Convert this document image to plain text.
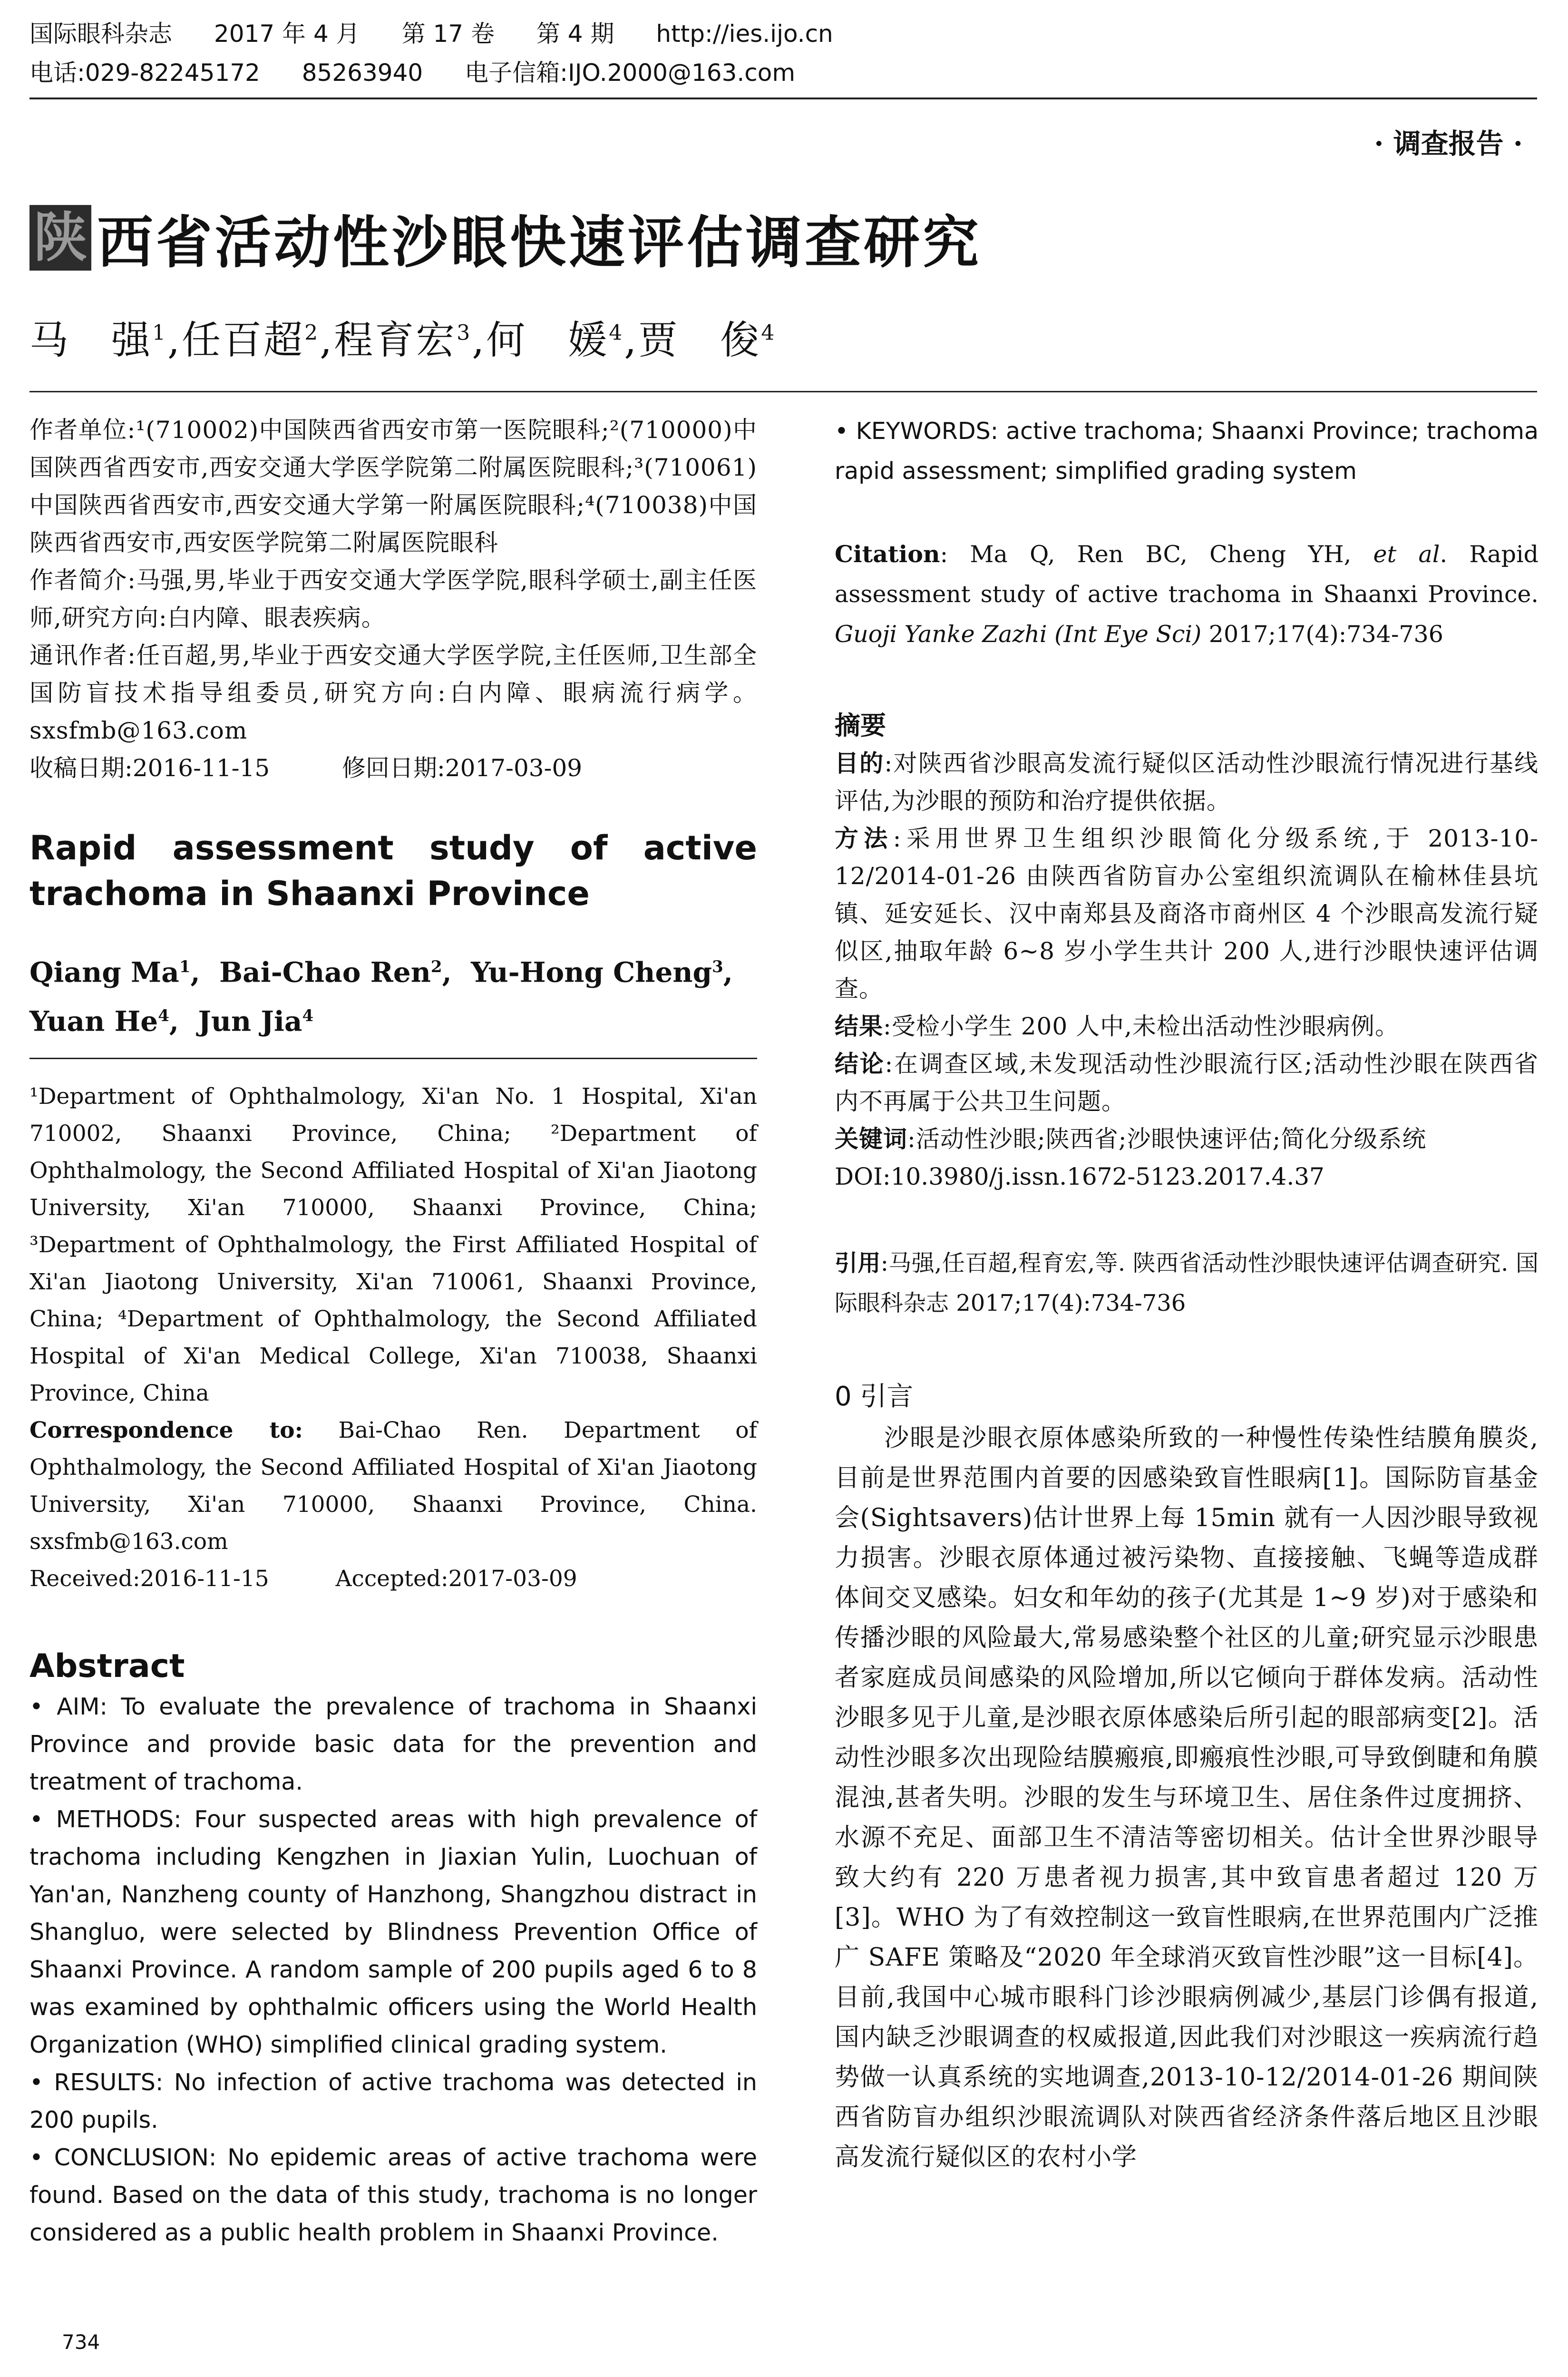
国际眼科杂志 2017 年 4 月 第 17 卷 第 4 期 http://ies.ijo.cn
电话:029-82245172 85263940 电子信箱:IJO.2000@163.com
· 调查报告 ·
陕 西省活动性沙眼快速评估调查研究
马　强$^1$,任百超$^2$,程育宏$^3$,何　媛$^4$,贾　俊$^4$

作者单位:¹(710002)中国陕西省西安市第一医院眼科;²(710000)中国陕西省西安市,西安交通大学医学院第二附属医院眼科;³(710061)中国陕西省西安市,西安交通大学第一附属医院眼科;⁴(710038)中国陕西省西安市,西安医学院第二附属医院眼科

作者简介:马强,男,毕业于西安交通大学医学院,眼科学硕士,副主任医师,研究方向:白内障、眼表疾病。

通讯作者:任百超,男,毕业于西安交通大学医学院,主任医师,卫生部全国防盲技术指导组委员,研究方向:白内障、眼病流行病学。sxsfmb@163.com

收稿日期:2016-11-15	修回日期:2017-03-09

Rapid assessment study of active
trachoma in Shaanxi Province
Qiang Ma$^1$,  Bai-Chao Ren$^2$,  Yu-Hong Cheng$^3$,
Yuan He$^4$,  Jun Jia$^4$

¹Department of Ophthalmology, Xi'an No. 1 Hospital, Xi'an 710002, Shaanxi Province, China; ²Department of Ophthalmology, the Second Affiliated Hospital of Xi'an Jiaotong University, Xi'an 710000, Shaanxi Province, China; ³Department of Ophthalmology, the First Affiliated Hospital of Xi'an Jiaotong University, Xi'an 710061, Shaanxi Province, China; ⁴Department of Ophthalmology, the Second Affiliated Hospital of Xi'an Medical College, Xi'an 710038, Shaanxi Province, China

Correspondence to: Bai-Chao Ren. Department of Ophthalmology, the Second Affiliated Hospital of Xi'an Jiaotong University, Xi'an 710000, Shaanxi Province, China. sxsfmb@163.com

Received:2016-11-15	Accepted:2017-03-09

Abstract

• AIM: To evaluate the prevalence of trachoma in Shaanxi Province and provide basic data for the prevention and treatment of trachoma.

• METHODS: Four suspected areas with high prevalence of trachoma including Kengzhen in Jiaxian Yulin, Luochuan of Yan'an, Nanzheng county of Hanzhong, Shangzhou distract in Shangluo, were selected by Blindness Prevention Office of Shaanxi Province. A random sample of 200 pupils aged 6 to 8 was examined by ophthalmic officers using the World Health Organization (WHO) simplified clinical grading system.

• RESULTS: No infection of active trachoma was detected in 200 pupils.

• CONCLUSION: No epidemic areas of active trachoma were found. Based on the data of this study, trachoma is no longer considered as a public health problem in Shaanxi Province.

• KEYWORDS: active trachoma; Shaanxi Province; trachoma rapid assessment; simplified grading system

Citation: Ma Q, Ren BC, Cheng YH, et al. Rapid assessment study of active trachoma in Shaanxi Province. Guoji Yanke Zazhi (Int Eye Sci) 2017;17(4):734-736

摘要

目的:对陕西省沙眼高发流行疑似区活动性沙眼流行情况进行基线评估,为沙眼的预防和治疗提供依据。

方法:采用世界卫生组织沙眼简化分级系统,于 2013-10-12/2014-01-26 由陕西省防盲办公室组织流调队在榆林佳县坑镇、延安延长、汉中南郑县及商洛市商州区 4 个沙眼高发流行疑似区,抽取年龄 6~8 岁小学生共计 200 人,进行沙眼快速评估调查。

结果:受检小学生 200 人中,未检出活动性沙眼病例。

结论:在调查区域,未发现活动性沙眼流行区;活动性沙眼在陕西省内不再属于公共卫生问题。

关键词:活动性沙眼;陕西省;沙眼快速评估;简化分级系统

DOI:10.3980/j.issn.1672-5123.2017.4.37

引用:马强,任百超,程育宏,等. 陕西省活动性沙眼快速评估调查研究. 国际眼科杂志 2017;17(4):734-736

0 引言

沙眼是沙眼衣原体感染所致的一种慢性传染性结膜角膜炎,目前是世界范围内首要的因感染致盲性眼病[1]。国际防盲基金会(Sightsavers)估计世界上每 15min 就有一人因沙眼导致视力损害。沙眼衣原体通过被污染物、直接接触、飞蝇等造成群体间交叉感染。妇女和年幼的孩子(尤其是 1~9 岁)对于感染和传播沙眼的风险最大,常易感染整个社区的儿童;研究显示沙眼患者家庭成员间感染的风险增加,所以它倾向于群体发病。活动性沙眼多见于儿童,是沙眼衣原体感染后所引起的眼部病变[2]。活动性沙眼多次出现险结膜瘢痕,即瘢痕性沙眼,可导致倒睫和角膜混浊,甚者失明。沙眼的发生与环境卫生、居住条件过度拥挤、水源不充足、面部卫生不清洁等密切相关。估计全世界沙眼导致大约有 220 万患者视力损害,其中致盲患者超过 120 万[3]。WHO 为了有效控制这一致盲性眼病,在世界范围内广泛推广 SAFE 策略及“2020 年全球消灭致盲性沙眼”这一目标[4]。目前,我国中心城市眼科门诊沙眼病例减少,基层门诊偶有报道,国内缺乏沙眼调查的权威报道,因此我们对沙眼这一疾病流行趋势做一认真系统的实地调查,2013-10-12/2014-01-26 期间陕西省防盲办组织沙眼流调队对陕西省经济条件落后地区且沙眼高发流行疑似区的农村小学

734
